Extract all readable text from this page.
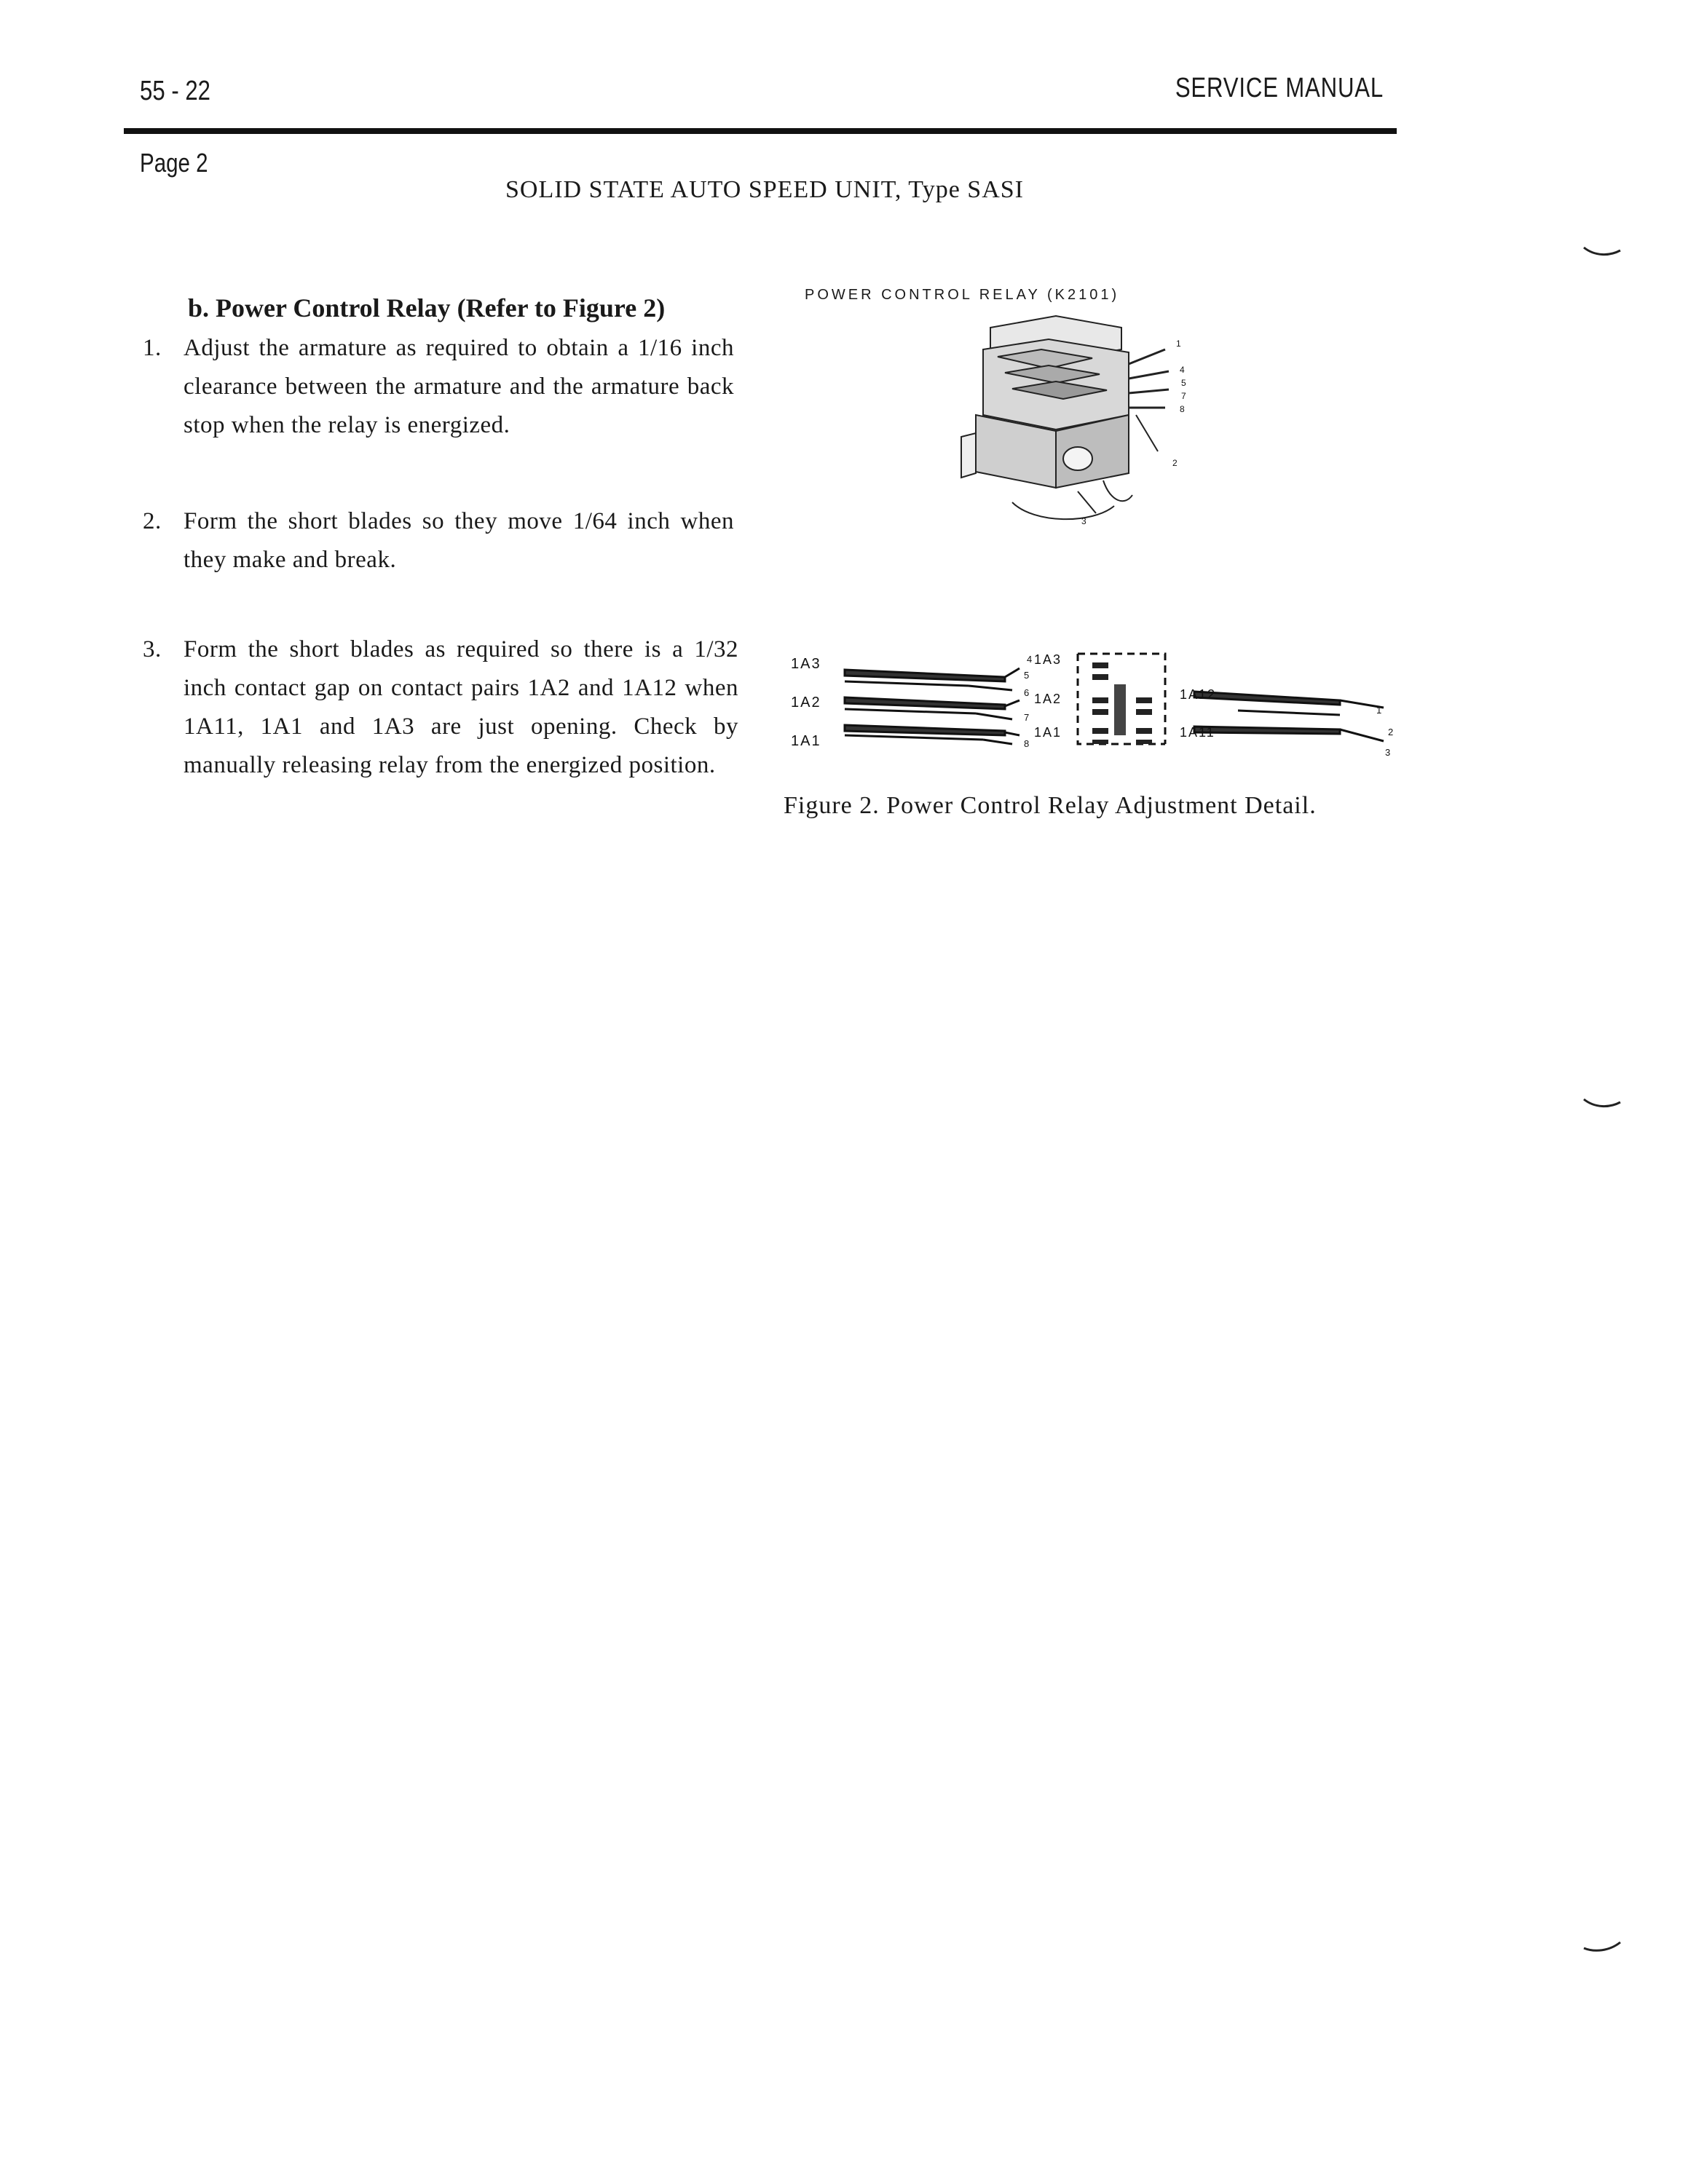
55 - 22	SERVICE MANUAL
Page 2
SOLID STATE AUTO SPEED UNIT, Type SASI
b. Power Control Relay (Refer to Figure 2)
1. Adjust the armature as required to obtain a 1/16 inch clearance between the armature and the armature back stop when the relay is energized.
2. Form the short blades so they move 1/64 inch when they make and break.
3. Form the short blades as required so there is a 1/32 inch contact gap on contact pairs 1A2 and 1A12 when 1A11, 1A1 and 1A3 are just opening. Check by manually releasing relay from the energized position.
POWER CONTROL RELAY (K2101)
1
4
5
7
8
2
3
1A3
1A2
1A1
4
5
6
7
8
1
2
3
1A3
1A2
1A1
1A12
1A11
Figure 2. Power Control Relay Adjustment Detail.
